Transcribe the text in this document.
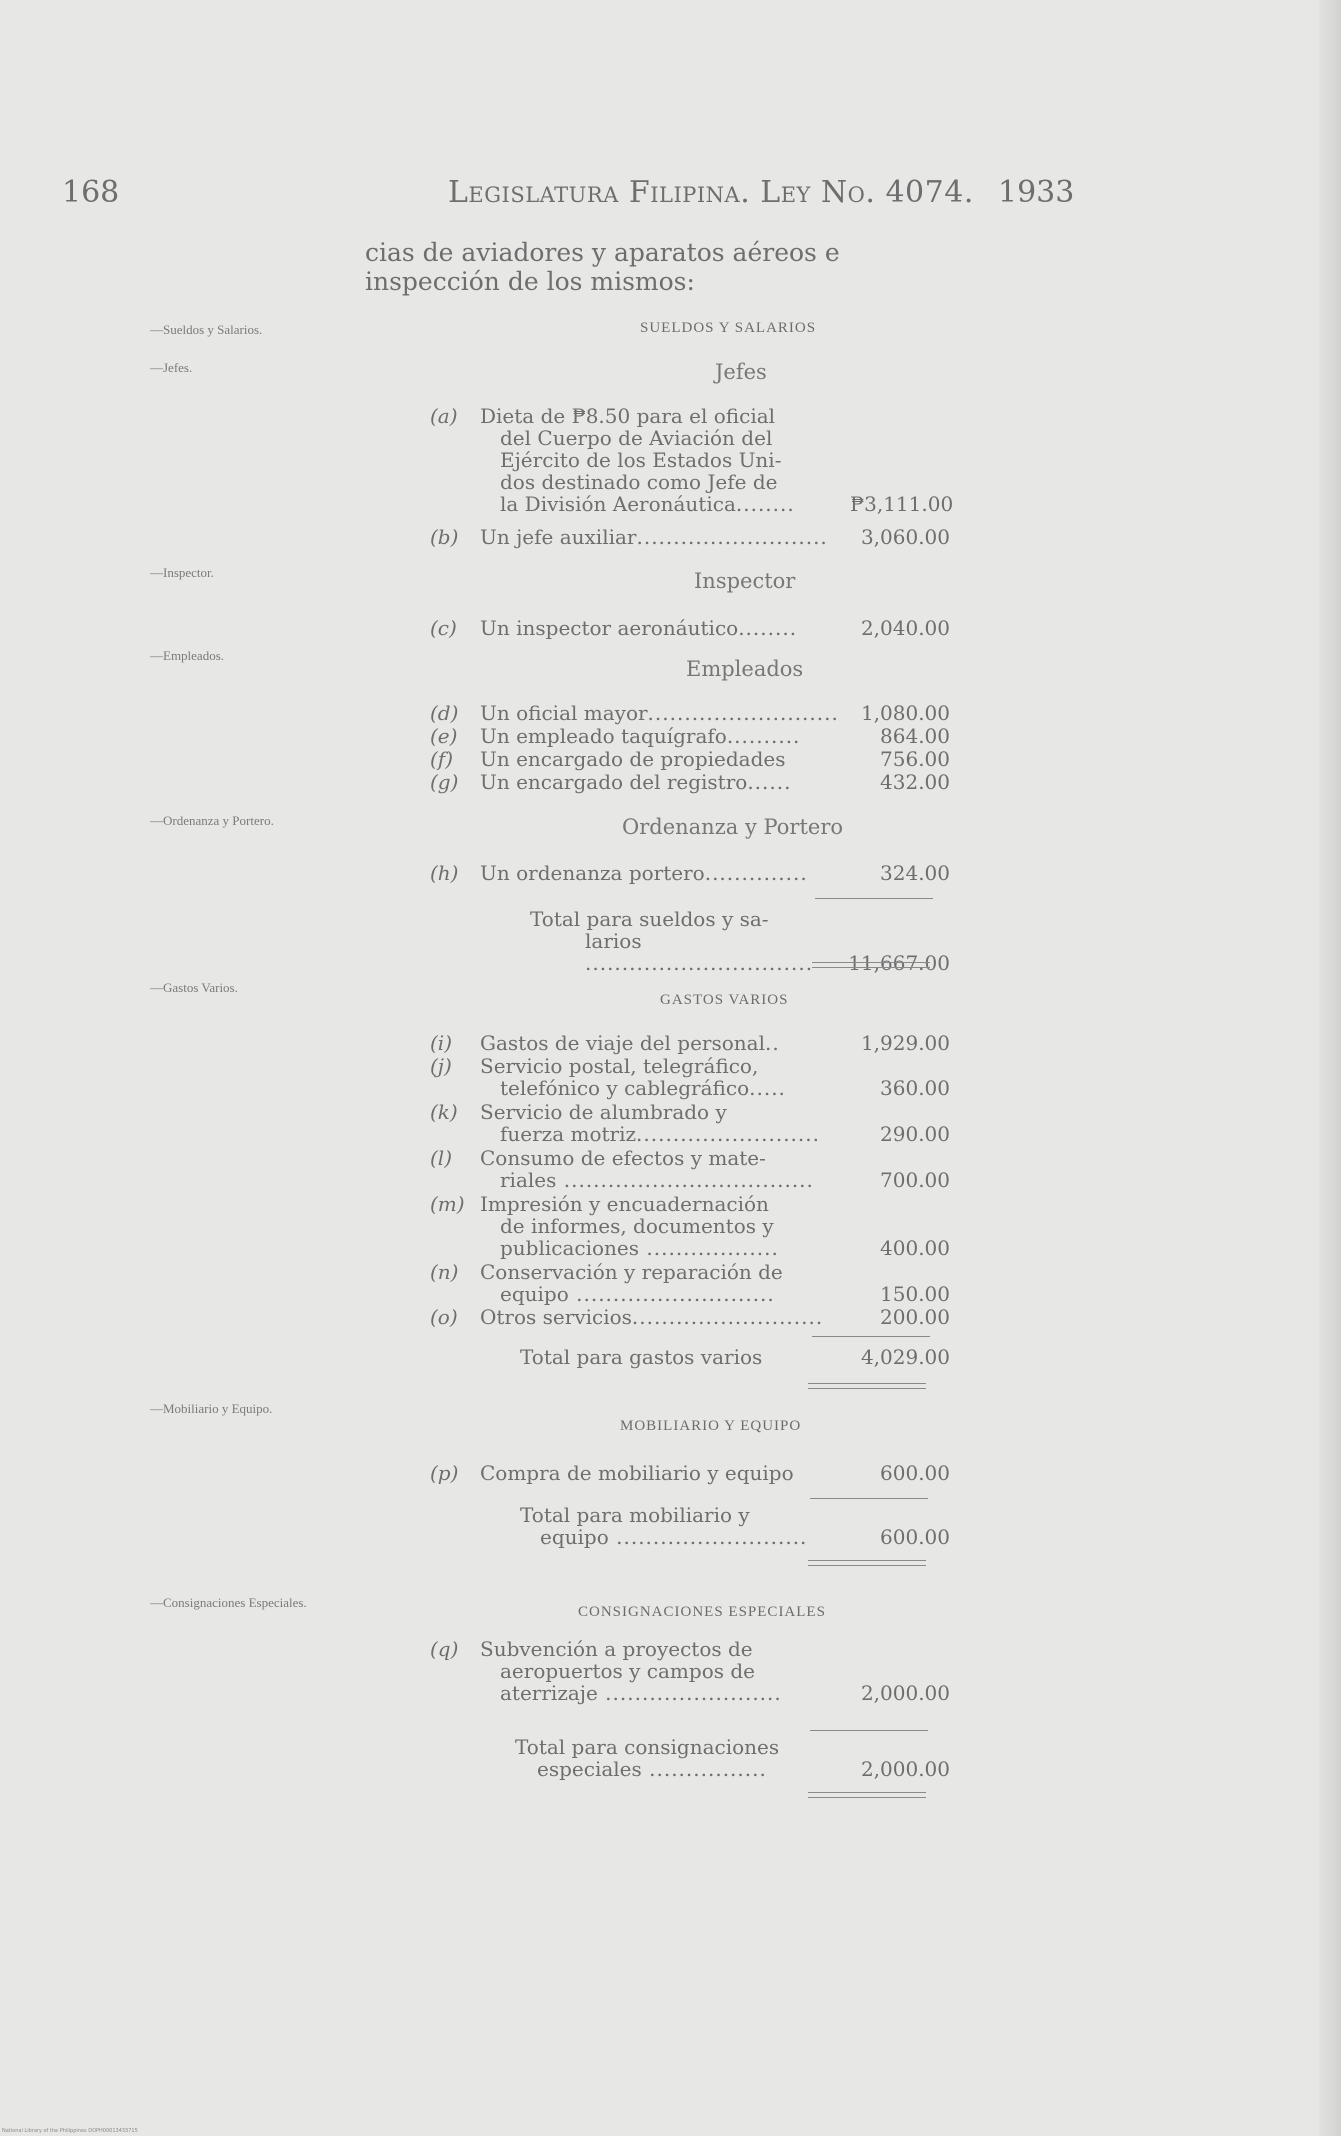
168	Legislatura Filipina. Ley No. 4074. 1933
cias de aviadores y aparatos aéreos e inspección de los mismos:
—Sueldos y Salarios.
—Jefes.
—Inspector.
—Empleados.
—Ordenanza y Portero.
—Gastos Varios.
—Mobiliario y Equipo.
—Consignaciones Especiales.
SUELDOS Y SALARIOS
Jefes
(a) Dieta de ₱8.50 para el oficial
del Cuerpo de Aviación del
Ejército de los Estados Uni-
dos destinado como Jefe de
la División Aeronáutica........	₱3,111.00
(b) Un jefe auxiliar..........................	3,060.00
Inspector
(c) Un inspector aeronáutico........	2,040.00
Empleados
(d) Un oficial mayor..........................	1,080.00
(e) Un empleado taquígrafo..........	864.00
(f) Un encargado de propiedades	756.00
(g) Un encargado del registro......	432.00
Ordenanza y Portero
(h) Un ordenanza portero..............	324.00
Total para sueldos y sa-
larios ...............................	11,667.00
GASTOS VARIOS
(i) Gastos de viaje del personal..	1,929.00
(j) Servicio postal, telegráfico,
telefónico y cablegráfico.....	360.00
(k) Servicio de alumbrado y
fuerza motriz.........................	290.00
(l) Consumo de efectos y mate-
riales ..................................	700.00
(m) Impresión y encuadernación
de informes, documentos y
publicaciones ..................	400.00
(n) Conservación y reparación de
equipo ...........................	150.00
(o) Otros servicios..........................	200.00
Total para gastos varios	4,029.00
MOBILIARIO Y EQUIPO
(p) Compra de mobiliario y equipo	600.00
Total para mobiliario y
equipo ..........................	600.00
CONSIGNACIONES ESPECIALES
(q) Subvención a proyectos de
aeropuertos y campos de
aterrizaje ........................	2,000.00
Total para consignaciones
especiales ................	2,000.00
National Library of the Philippines DOPH00013433715
